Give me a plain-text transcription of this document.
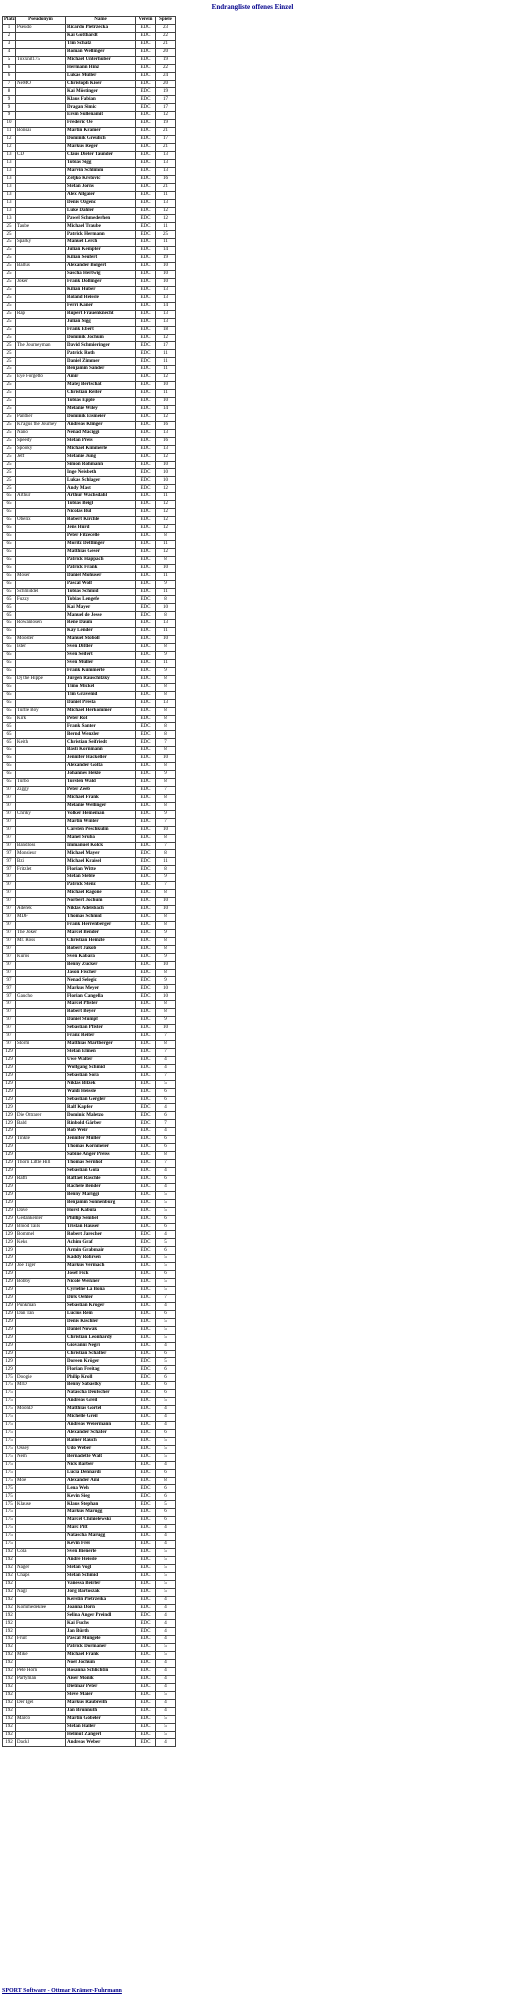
Endrangliste offenes Einzel
Platz	Pseudonym	Name	Verein	Spiele
1	Pseudo	Ricardo Pietrzecka	EDC	23
2		Kai Gotthardt	EDC	22
3		Tim Schatz	EDC	21
4		Roman Wellinger	EDC	20
5	Toxxnit175	Michael Unterhuber	EDC	19
6		Hermann Hinz	EDC	22
6		Lukas Müller	EDC	24
7	NeMO	Christoph Kiser	EDC	20
8		Kai Möstinger	EDC	19
9		Klaus Fabian	EDC	17
9		Dragan Simic	EDC	17
9		Ersin Sullenamit	EDC	12
10		Frederic Oe	EDC	19
11	Bonsai	Martin Kramer	EDC	21
12		Dominik Greulich	EDC	17
12		Markus Reger	EDC	21
13	CD	Claus Dieter Taunder	EDC	13
13		Tobias Sigg	EDC	13
13		Marvin Schlimm	EDC	13
13		Zeljko Krstovic	EDC	16
13		Stefan Jorns	EDC	21
13		Alex Allgaier	EDC	11
13		Denis Özgenc	EDC	13
13		Luke Dahler	EDC	12
13		Pawel Schmederhen	EDC	12
25	Taube	Michael Traube	EDC	11
25		Patrick Hermann	EDC	25
25	Sparky	Manuel Lerch	EDC	11
25		Julian Kempter	EDC	14
25		Kilian Seufert	EDC	19
25	Baltus	Alexander Bolgert	EDC	10
25		Sascha Hertwig	EDC	10
25	Joker	Frank Dollinger	EDC	10
25		Kilian Huber	EDC	13
25		Roland Heissle	EDC	13
25		Ferri Kaner	EDC	14
25	Rap	Rupert Frauenknecht	EDC	13
25		Julian Sigg	EDC	13
25		Frank Ebert	EDC	18
25		Dominik Jochum	EDC	12
25	The Journeyman	David Schmieringer	EDC	17
25		Patrick Roth	EDC	11
25		Daniel Zimmer	EDC	11
25		Benjamin Sander	EDC	11
25	Eye Forgetto	Amir	EDC	12
25		Matej Bertschat	EDC	10
25		Christian Reiter	EDC	11
25		Tobias Epple	EDC	10
25		Melanie Wiley	EDC	14
25	Panther	Dominik Eismeier	EDC	12
25	Kr'agus the Journey	Andreas Klinger	EDC	16
25	Nano	Nenad Maciggi	EDC	13
25	Speedy	Stefan Preis	EDC	16
25	Spooky	Michael Kimmerle	EDC	13
25	Jeff	Stefanie Jung	EDC	12
25		Simon Rohmann	EDC	10
25		Inge Neisbeth	EDC	10
25		Lukas Schlager	EDC	10
25		Andy Mast	EDC	12
65	Arthur	Arthur Wachsdahl	EDC	11
65		Tobias Beigl	EDC	12
65		Nicolas Bul	EDC	12
65	Obelix	Robert Kirchle	EDC	12
65		Jens Hurd	EDC	12
65		Peter Fitzecelle	EDC	8
65		Moritz Dettlinger	EDC	11
65		Matthias Geser	EDC	12
65		Patrick Happach	EDC	8
65		Patrick Frank	EDC	10
65	Moser	Daniel Mohuser	EDC	11
65		Pascal Wolf	EDC	9
65	Schmiddel	Tobias Schmid	EDC	11
65	Fuzzy	Tobias Lengefe	EDC	8
65		Kai Mayer	EDC	10
65		Manuel de Jesse	EDC	8
65	Rowanlosen	Rene Daum	EDC	13
65		Kay Lender	EDC	11
65	Mooster	Manuel Stoboll	EDC	10
65	Ister	Sven Dittler	EDC	8
65		Sven Seifert	EDC	9
65		Sven Müller	EDC	11
65		Frank Kümmerle	EDC	9
65	Dj the Hippe	Jürgen Rauschitzky	EDC	8
65		Timo Mickel	EDC	8
65		Tim Gravenid	EDC	8
65		Daniel Presta	EDC	13
65	Turtle Boy	Michael Herkommer	EDC	8
65	Kirk	Peter Rot	EDC	8
65		Frank Santer	EDC	8
65		Bernd Wenzler	EDC	8
65	Keith	Christian Seifriedt	EDC	7
65		Basti Kornmann	EDC	8
65		Jennifer Hackeller	EDC	10
65		Alexander Gotta	EDC	8
65		Johannes Hekle	EDC	9
65	Turbo	Torsten Wald	EDC	8
97	Ziggy	Peter Zeeb	EDC	7
97		Michael Frank	EDC	8
97		Melanie Wellinger	EDC	8
97	Chriky	Volker Heineman	EDC	9
97		Martin Winter	EDC	7
97		Carsten Peschkulin	EDC	10
97		Manel Sruba	EDC	8
97	Bandloss	Immanuel Kolck	EDC	7
97	Monsieur	Michael Mayer	EDC	8
97	Bzi	Michael Kraisel	EDC	11
97	Fritzlet	Florian Witte	EDC	8
97		Stefan Steble	EDC	9
97		Patrick Stenz	EDC	7
97		Michael Ragone	EDC	8
97		Norbert Jochum	EDC	10
97	Aderek	Niklas Adelsbach	EDC	10
97	MDF	Thomas Schmid	EDC	8
97		Frank Herrenberger	EDC	8
97	The Joker	Marcel Bender	EDC	9
97	Mr. Ross	Christian Heinzle	EDC	8
97		Robert Jakob	EDC	8
97	Kuros	Sven Kabara	EDC	9
97		Benny Zucker	EDC	10
97		Jason Fischer	EDC	8
97		Nenad Selegic	EDC	9
97		Markus Meyer	EDC	10
97	Gaucho	Florian Cangella	EDC	10
97		Marcel Pfister	EDC	8
97		Robert Beyer	EDC	8
97		Daniel Stumpf	EDC	9
97		Sebastian Pfister	EDC	10
97		Franz Reiter	EDC	7
97	Storm	Matthias Martberger	EDC	8
129		Stefan Elmen	EDC	7
129		Uwe Walter	EDC	4
129		Wolfgang Schmid	EDC	4
129		Sebastian Sora	EDC	7
129		Niklas Bitzek	EDC	5
129		Waldi Heissle	EDC	6
129		Sebastian Gergler	EDC	6
129		Ralf Kapfer	EDC	4
129	Die Ottrarer	Dominic Maletzo	EDC	6
129	Bald	Rinbold Gärber	EDC	7
129		Rob Weir	EDC	4
129	Tinkle	Jennifer Müller	EDC	6
129		Thomas Kornmeier	EDC	6
129		Sabine Anger Preiss	EDC	8
129	Thorn Little Hill	Thomas Sernhof	EDC	7
129		Sebastian Göla	EDC	4
129	Raffi	Raffael Raschle	EDC	6
129		Rachele Bender	EDC	4
129		Benny Mariggi	EDC	5
129		Benjamin Sonnenburg	EDC	5
129	Dave	Horst Kabula	EDC	5
129	Gedankenler	Phillip Sembel	EDC	6
129	Blood Tails	Tristan Hauser	EDC	6
129	Bommel	Robert Jarecher	EDC	4
129	Keks	Achim Graf	EDC	5
129		Armin Grabmair	EDC	6
129		Kaddy Rohrsen	EDC	5
129	Joe Tiger	Markus Vermach	EDC	5
129		Josef Fick	EDC	6
129	Bobby	Nicole Weixner	EDC	5
129		Cyrielne La Bona	EDC	5
129		Dirk Oehler	EDC	7
129	Punkman	Sebastian Kröger	EDC	4
129	Dan Tan	Lucius Rein	EDC	6
129		Denis Kischler	EDC	5
129		Daniel Nowak	EDC	5
129		Christian Leonhardy	EDC	5
129		Giovanni Negri	EDC	4
129		Christian Schäfler	EDC	6
129		Doreen Kröger	EDC	5
129		Florian Freitag	EDC	6
175	Doogie	Philip Kroll	EDC	6
175	MrD	Benny Sabastky	EDC	6
175		Natascha Deutscher	EDC	6
175		Andreas Greil	EDC	5
175	MoonD	Matthias Gortel	EDC	4
175		Michelle Greil	EDC	4
175		Andreas Weiermann	EDC	4
175		Alexander Schäfer	EDC	6
175		Rainer Rauch	EDC	5
175	Ossey	Udo Weber	EDC	5
175	Nem	Bernadette Walt	EDC	5
175		Nick Barber	EDC	4
175		Lucia Dennardi	EDC	6
175	Moe	Alexander Ami	EDC	8
175		Lena Weh	EDC	6
175		Kevin Sieg	EDC	6
175	Klause	Klaus Stephan	EDC	5
175		Markus Marugg	EDC	6
175		Marcel Chmielewski	EDC	6
175		Marc Pitt	EDC	4
175		Natascha Marugg	EDC	4
175		Kevin Frei	EDC	4
192	Cola	Sven Bienerle	EDC	5
192		Andre Heissle	EDC	5
192	Nager	Stefan Vogl	EDC	5
192	Chaps	Stefan Schmid	EDC	5
192		Vanessa Beirler	EDC	5
192	Nagl	Jörg Bartoszak	EDC	5
192		Kerstin Pietrzeika	EDC	4
192	Kommedeklee	Joanna Dorn	EDC	4
192		Selina Anger Preindl	EDC	4
192		Kai Fuchs	EDC	4
192		Jan Bürth	EDC	4
192	Fruit	Pascal Mungele	EDC	4
192		Patrick Dormaner	EDC	5
192	Mike	Michael Frank	EDC	5
192		Noel Jochum	EDC	4
192	Pete Horn	Rosanna Schlichtin	EDC	4
192	Partyman	Aiser Monik	EDC	4
192		Dietmar Peter	EDC	4
192		Steve Maier	EDC	5
192	Der Igel	Markus Raubreith	EDC	4
192		Jan Brunnuth	EDC	4
192	Marco	Martin Göbeler	EDC	5
192		Stefan Haller	EDC	5
192		Helmut Zangerl	EDC	5
192	Dackl	Andreas Weber	EDC	4
SPORT Software - Ottmar Krämer-Fuhrmann
